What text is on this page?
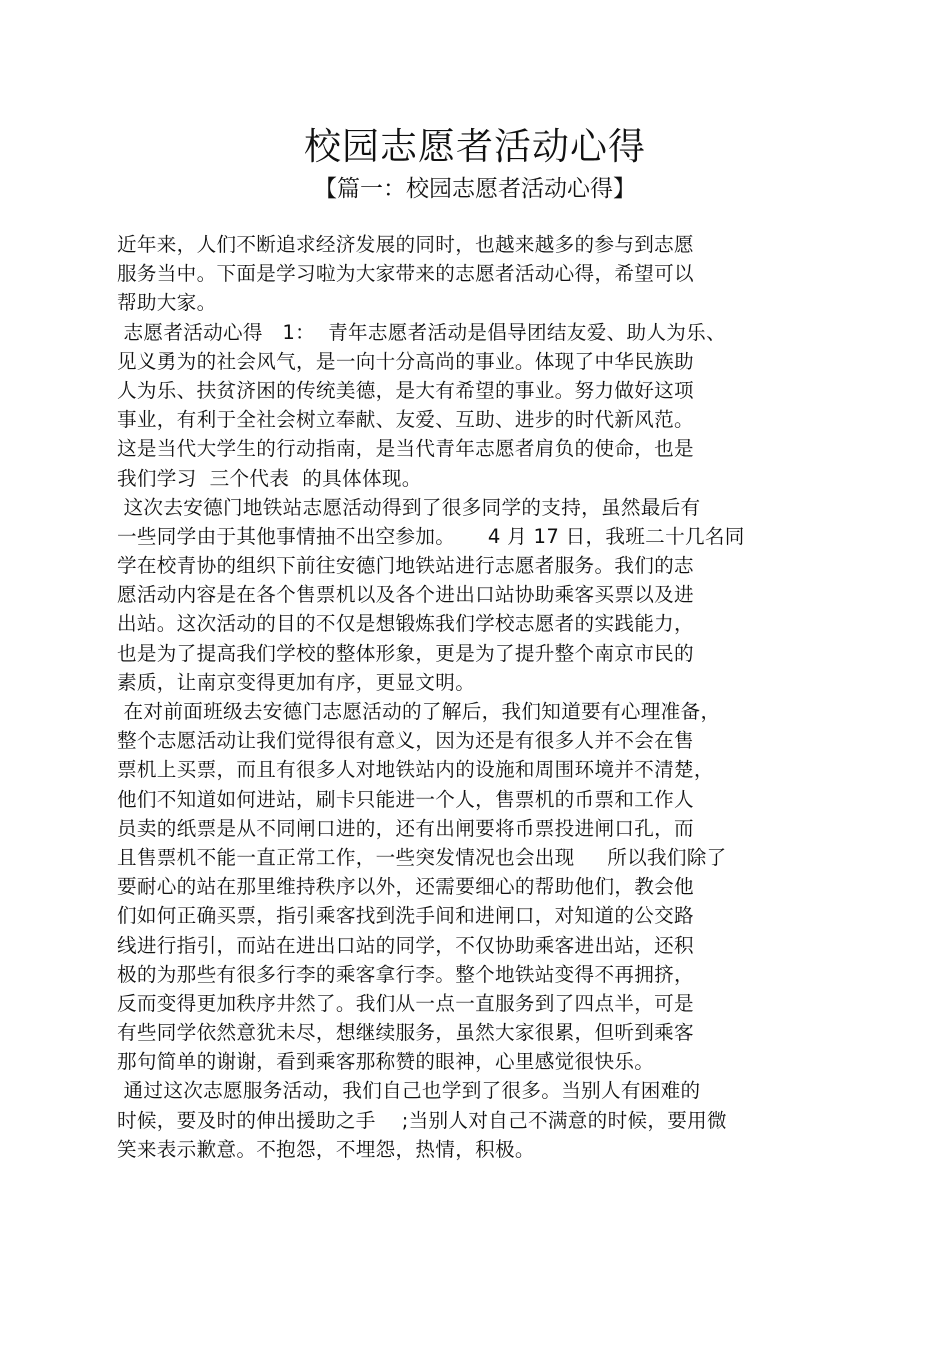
校园志愿者活动心得
【篇一：校园志愿者活动心得】
近年来，人们不断追求经济发展的同时，也越来越多的参与到志愿
服务当中。下面是学习啦为大家带来的志愿者活动心得，希望可以
帮助大家。
志愿者活动心得   1：  青年志愿者活动是倡导团结友爱、助人为乐、
见义勇为的社会风气，是一向十分高尚的事业。体现了中华民族助
人为乐、扶贫济困的传统美德，是大有希望的事业。努力做好这项
事业，有利于全社会树立奉献、友爱、互助、进步的时代新风范。
这是当代大学生的行动指南，是当代青年志愿者肩负的使命，也是
我们学习  三个代表  的具体体现。
这次去安德门地铁站志愿活动得到了很多同学的支持，虽然最后有
一些同学由于其他事情抽不出空参加。     4 月 17 日，我班二十几名同
学在校青协的组织下前往安德门地铁站进行志愿者服务。我们的志
愿活动内容是在各个售票机以及各个进出口站协助乘客买票以及进
出站。这次活动的目的不仅是想锻炼我们学校志愿者的实践能力，
也是为了提高我们学校的整体形象，更是为了提升整个南京市民的
素质，让南京变得更加有序，更显文明。
在对前面班级去安德门志愿活动的了解后，我们知道要有心理准备，
整个志愿活动让我们觉得很有意义，因为还是有很多人并不会在售
票机上买票，而且有很多人对地铁站内的设施和周围环境并不清楚，
他们不知道如何进站，刷卡只能进一个人，售票机的币票和工作人
员卖的纸票是从不同闸口进的，还有出闸要将币票投进闸口孔，而
且售票机不能一直正常工作，一些突发情况也会出现     所以我们除了
要耐心的站在那里维持秩序以外，还需要细心的帮助他们，教会他
们如何正确买票，指引乘客找到洗手间和进闸口，对知道的公交路
线进行指引，而站在进出口站的同学，不仅协助乘客进出站，还积
极的为那些有很多行李的乘客拿行李。整个地铁站变得不再拥挤，
反而变得更加秩序井然了。我们从一点一直服务到了四点半，可是
有些同学依然意犹未尽，想继续服务，虽然大家很累，但听到乘客
那句简单的谢谢，看到乘客那称赞的眼神，心里感觉很快乐。
通过这次志愿服务活动，我们自己也学到了很多。当别人有困难的
时候，要及时的伸出援助之手    ;当别人对自己不满意的时候，要用微
笑来表示歉意。不抱怨，不埋怨，热情，积极。
